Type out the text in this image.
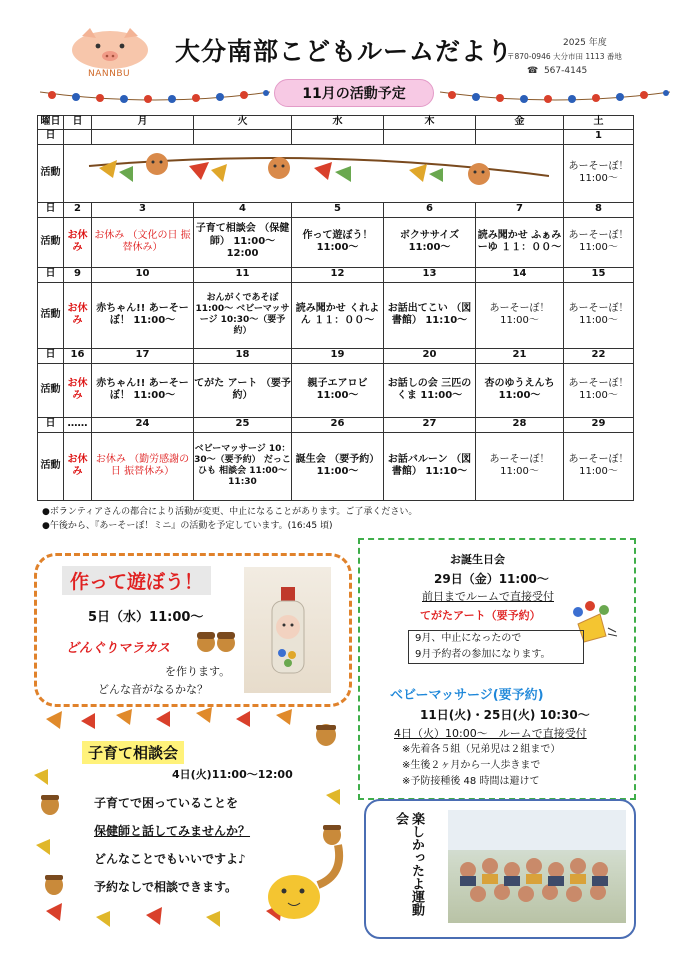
NANNBU
大分南部こどもルームだより	2025 年度
〒870-0946 大分市田 1113 番地
☎ 567-4145
11月の活動予定
曜日	日	月	火	水	木	金	土
日							1
活動							あーそーぼ！ 11:00～
日	2	3	4	5	6	7	8
活動	お休み	お休み （文化の日 振替休み）	子育て相談会 （保健師） 11:00～12:00	作って遊ぼう！ 11:00～	ボクササイズ 11:00～	読み聞かせ ふぁみーゆ １１：００～	あーそーぼ！ 11:00～
日	9	10	11	12	13	14	15
活動	お休み	赤ちゃん!! あーそーぼ！ 11:00～	おんがくであそぼ 11:00～ ベビーマッサージ 10:30～（要予約）	読み聞かせ くれよん １１：００～	お話出てこい （図書館） 11:10～	あーそーぼ！ 11:00～	あーそーぼ！ 11:00～
日	16	17	18	19	20	21	22
活動	お休み	赤ちゃん!! あーそーぼ！ 11:00～	てがた アート （要予約）	親子エアロビ 11:00～	お話しの会 三匹のくま 11:00～	杏のゆうえんち 11:00～	あーそーぼ！ 11:00～
日	……	24	25	26	27	28	29
活動	お休み	お休み （勤労感謝の日 振替休み）	ベビーマッサージ 10：30～（要予約） だっこひも 相談会 11:00～11:30	誕生会 （要予約） 11:00～	お話バルーン （図書館） 11:10～	あーそーぼ！ 11:00～	あーそーぼ！ 11:00～
●ボランティアさんの都合により活動が変更、中止になることがあります。ご了承ください。
●午後から、『あーそーぼ！ミニ』の活動を予定しています。(16:45 頃)
作って遊ぼう！
5日（水）11:00～
どんぐりマラカス
を作ります。
どんな音がなるかな？
子育て相談会
4日(火)11:00～12:00
子育てで困っていることを
保健師と話してみませんか？
どんなことでもいいですよ♪
予約なしで相談できます。
お誕生日会
29日（金）11:00～
前日までルームで直接受付
てがたアート（要予約）
9月、中止になったので
9月予約者の参加になります。
ベビーマッサージ(要予約)
11日(火)・25日(火) 10:30～
4日（火）10:00～　ルームで直接受付
※先着各５組（兄弟児は２組まで）
※生後２ヶ月から一人歩きまで
※予防接種後 48 時間は避けて
楽しかったよ運動会
